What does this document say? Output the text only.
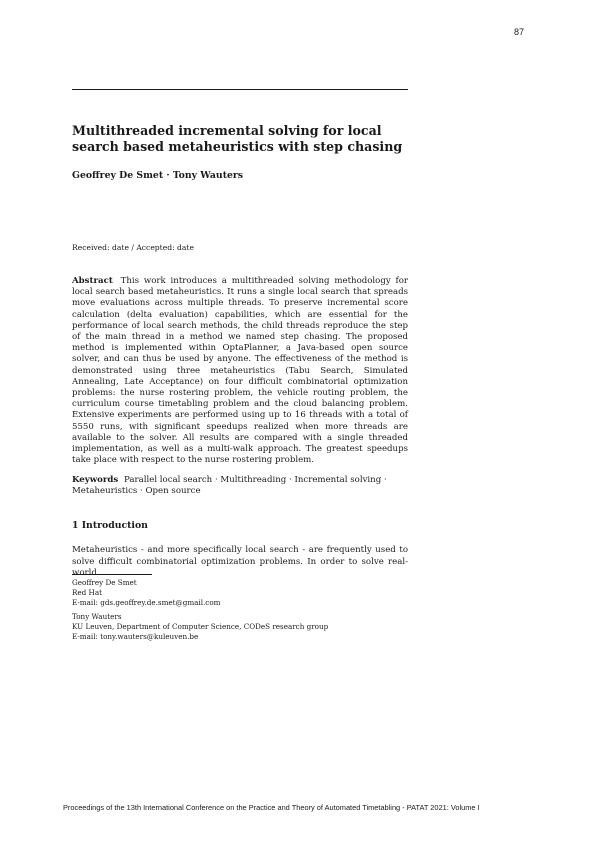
87
Multithreaded incremental solving for local search based metaheuristics with step chasing
Geoffrey De Smet · Tony Wauters
Received: date / Accepted: date
Abstract This work introduces a multithreaded solving methodology for local search based metaheuristics. It runs a single local search that spreads move evaluations across multiple threads. To preserve incremental score calculation (delta evaluation) capabilities, which are essential for the performance of local search methods, the child threads reproduce the step of the main thread in a method we named step chasing. The proposed method is implemented within OptaPlanner, a Java-based open source solver, and can thus be used by anyone. The effectiveness of the method is demonstrated using three metaheuristics (Tabu Search, Simulated Annealing, Late Acceptance) on four difficult combinatorial optimization problems: the nurse rostering problem, the vehicle routing problem, the curriculum course timetabling problem and the cloud balancing problem. Extensive experiments are performed using up to 16 threads with a total of 5550 runs, with significant speedups realized when more threads are available to the solver. All results are compared with a single threaded implementation, as well as a multi-walk approach. The greatest speedups take place with respect to the nurse rostering problem.
Keywords Parallel local search · Multithreading · Incremental solving · Metaheuristics · Open source
1 Introduction
Metaheuristics - and more specifically local search - are frequently used to solve difficult combinatorial optimization problems. In order to solve real-world
Geoffrey De Smet
Red Hat
E-mail: gds.geoffrey.de.smet@gmail.com
Tony Wauters
KU Leuven, Department of Computer Science, CODeS research group
E-mail: tony.wauters@kuleuven.be
Proceedings of the 13th International Conference on the Practice and Theory of Automated Timetabling - PATAT 2021: Volume I
